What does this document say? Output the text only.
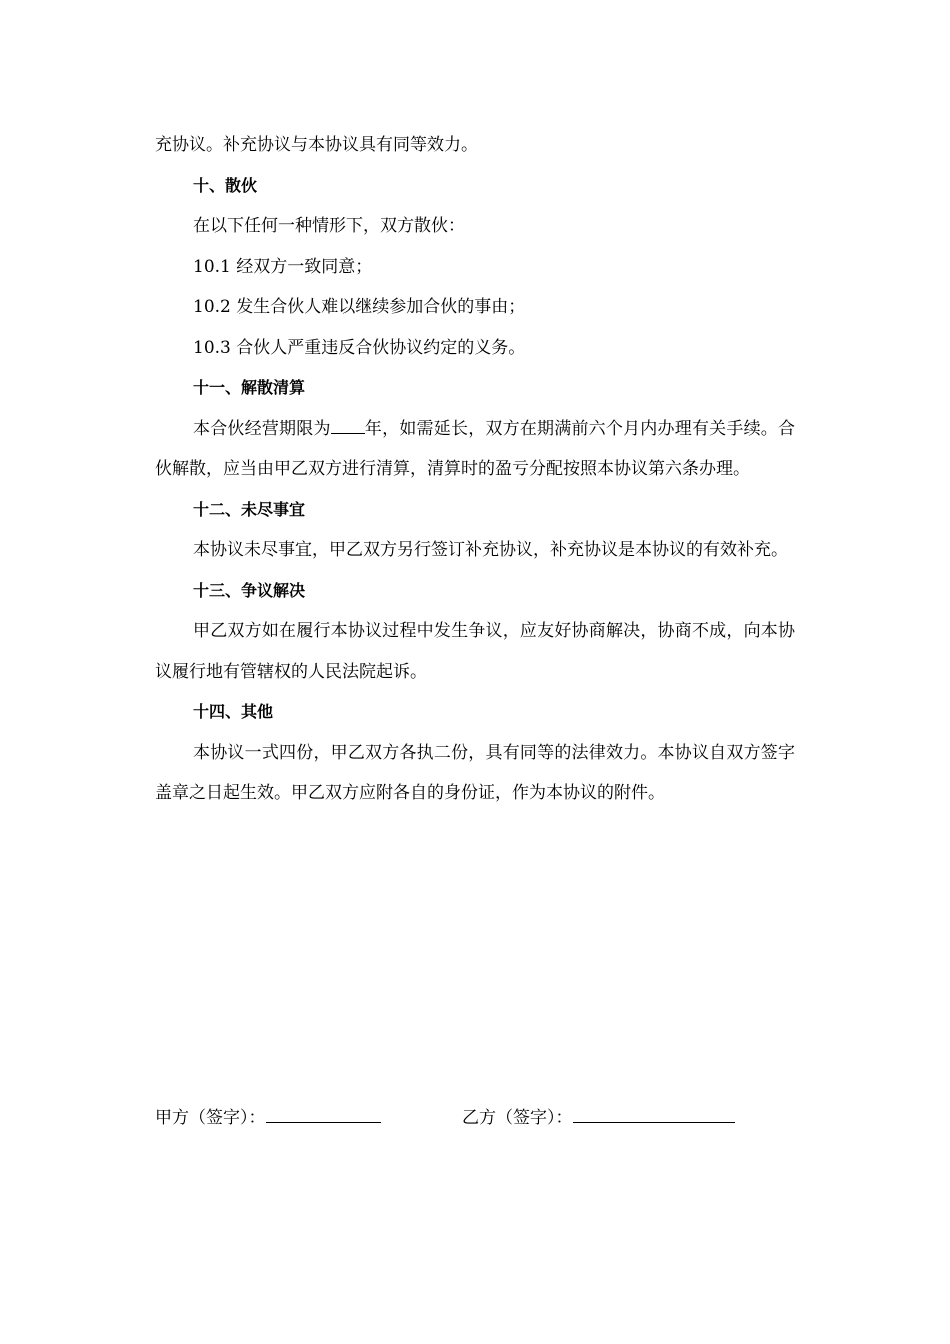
充协议。补充协议与本协议具有同等效力。

十、散伙

在以下任何一种情形下，双方散伙：

10.1 经双方一致同意；

10.2 发生合伙人难以继续参加合伙的事由；

10.3 合伙人严重违反合伙协议约定的义务。

十一、解散清算

本合伙经营期限为 年，如需延长，双方在期满前六个月内办理有关手续。合伙解散，应当由甲乙双方进行清算，清算时的盈亏分配按照本协议第六条办理。

十二、未尽事宜

本协议未尽事宜，甲乙双方另行签订补充协议，补充协议是本协议的有效补充。

十三、争议解决

甲乙双方如在履行本协议过程中发生争议，应友好协商解决，协商不成，向本协议履行地有管辖权的人民法院起诉。

十四、其他

本协议一式四份，甲乙双方各执二份，具有同等的法律效力。本协议自双方签字盖章之日起生效。甲乙双方应附各自的身份证，作为本协议的附件。

甲方（签字）：	乙方（签字）：
